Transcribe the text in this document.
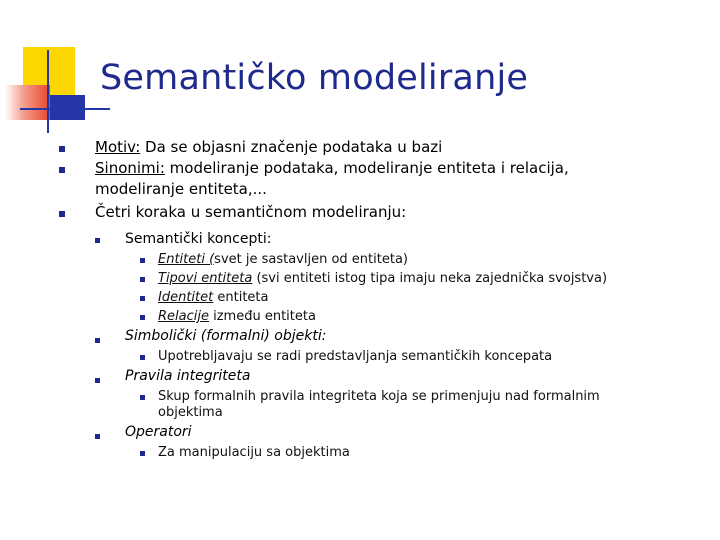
Semantičko modeliranje
Motiv: Da se objasni značenje podataka u bazi
Sinonimi: modeliranje podataka, modeliranje entiteta i relacija,
modeliranje entiteta,...
Četri koraka u semantičnom modeliranju:
Semantički koncepti:
Entiteti (svet je sastavljen od entiteta)
Tipovi entiteta (svi entiteti istog tipa imaju neka zajednička svojstva)
Identitet entiteta
Relacije između entiteta
Simbolički (formalni) objekti:
Upotrebljavaju se radi predstavljanja semantičkih koncepata
Pravila integriteta
Skup formalnih pravila integriteta koja se primenjuju nad formalnim
objektima
Operatori
Za manipulaciju sa objektima
